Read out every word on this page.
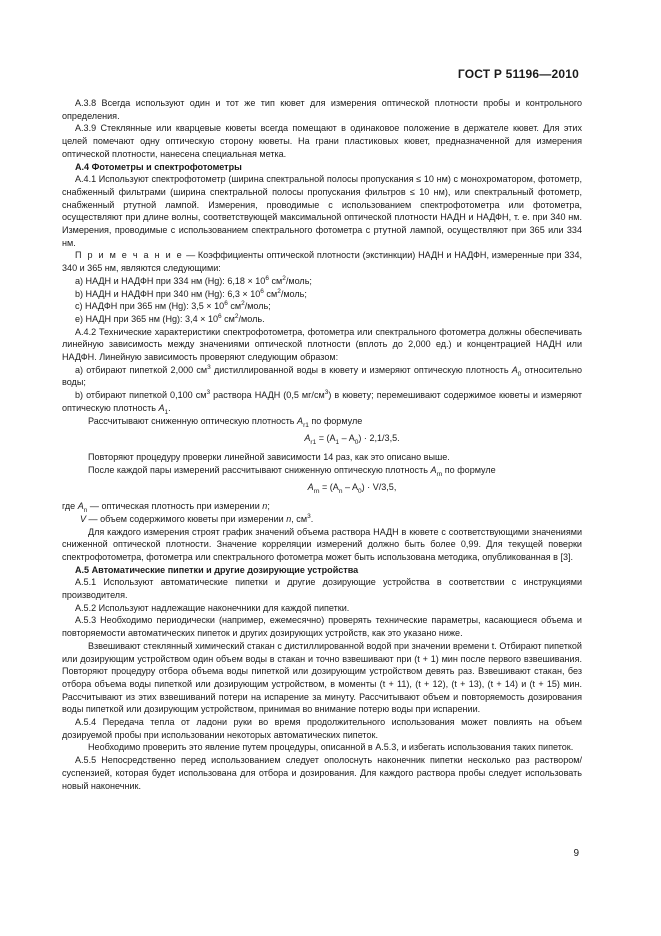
ГОСТ Р 51196—2010

А.3.8 Всегда используют один и тот же тип кювет для измерения оптической плотности пробы и контрольного определения.

А.3.9 Стеклянные или кварцевые кюветы всегда помещают в одинаковое положение в держателе кювет. Для этих целей помечают одну оптическую сторону кюветы. На грани пластиковых кювет, предназначенной для измерения оптической плотности, нанесена специальная метка.

А.4 Фотометры и спектрофотометры

А.4.1 Используют спектрофотометр (ширина спектральной полосы пропускания ≤ 10 нм) с монохроматором, фотометр, снабженный фильтрами (ширина спектральной полосы пропускания фильтров ≤ 10 нм), или спектральный фотометр, снабженный ртутной лампой. Измерения, проводимые с использованием спектрофотометра или фотометра, осуществляют при длине волны, соответствующей максимальной оптической плотности НАДН и НАДФН, т. е. при 340 нм. Измерения, проводимые с использованием спектрального фотометра с ртутной лампой, осуществляют при 365 или 334 нм.

П р и м е ч а н и е — Коэффициенты оптической плотности (экстинкции) НАДН и НАДФН, измеренные при 334, 340 и 365 нм, являются следующими:

а) НАДН и НАДФН при 334 нм (Hg): $6,18 \times 10^6$ $см^2$/моль;

b) НАДН и НАДФН при 340 нм (Hg): $6,3 \times 10^6$ $см^2$/моль;

c) НАДФН при 365 нм (Hg): $3,5 \times 10^6$ $см^2$/моль;

e) НАДН при 365 нм (Hg): $3,4 \times 10^6$ $см^2$/моль.

А.4.2 Технические характеристики спектрофотометра, фотометра или спектрального фотометра должны обеспечивать линейную зависимость между значениями оптической плотности (вплоть до 2,000 ед.) и концентрацией НАДН или НАДФН. Линейную зависимость проверяют следующим образом:

а) отбирают пипеткой 2,000 $см^3$ дистиллированной воды в кювету и измеряют оптическую плотность $A_0$ относительно воды;

b) отбирают пипеткой 0,100 $см^3$ раствора НАДН (0,5 $мг/см^3$) в кювету; перемешивают содержимое кюветы и измеряют оптическую плотность $A_1$.

Рассчитывают сниженную оптическую плотность $A_{r1}$ по формуле

$A_{r1} = (A_1 - A_0) \cdot 2,1/3,5$.

Повторяют процедуру проверки линейной зависимости 14 раз, как это описано выше.

После каждой пары измерений рассчитывают сниженную оптическую плотность $A_{rn}$ по формуле

$A_{rn} = (A_n - A_0) \cdot V/3,5$,

где $A_n$ — оптическая плотность при измерении n;

V — объем содержимого кюветы при измерении n, $см^3$.

Для каждого измерения строят график значений объема раствора НАДН в кювете с соответствующими значениями сниженной оптической плотности. Значение корреляции измерений должно быть более 0,99. Для текущей поверки спектрофотометра, фотометра или спектрального фотометра может быть использована методика, опубликованная в [3].

А.5 Автоматические пипетки и другие дозирующие устройства

А.5.1 Используют автоматические пипетки и другие дозирующие устройства в соответствии с инструкциями производителя.

А.5.2 Используют надлежащие наконечники для каждой пипетки.

А.5.3 Необходимо периодически (например, ежемесячно) проверять технические параметры, касающиеся объема и повторяемости автоматических пипеток и других дозирующих устройств, как это указано ниже.

Взвешивают стеклянный химический стакан с дистиллированной водой при значении времени t. Отбирают пипеткой или дозирующим устройством один объем воды в стакан и точно взвешивают при (t + 1) мин после первого взвешивания. Повторяют процедуру отбора объема воды пипеткой или дозирующим устройством девять раз. Взвешивают стакан, без отбора объема воды пипеткой или дозирующим устройством, в моменты (t + 11), (t + 12), (t + 13), (t + 14) и (t + 15) мин. Рассчитывают из этих взвешиваний потери на испарение за минуту. Рассчитывают объем и повторяемость дозирования воды пипеткой или дозирующим устройством, принимая во внимание потерю воды при испарении.

А.5.4 Передача тепла от ладони руки во время продолжительного использования может повлиять на объем дозируемой пробы при использовании некоторых автоматических пипеток.

Необходимо проверить это явление путем процедуры, описанной в А.5.3, и избегать использования таких пипеток.

А.5.5 Непосредственно перед использованием следует ополоснуть наконечник пипетки несколько раз раствором/суспензией, которая будет использована для отбора и дозирования. Для каждого раствора пробы следует использовать новый наконечник.

9
